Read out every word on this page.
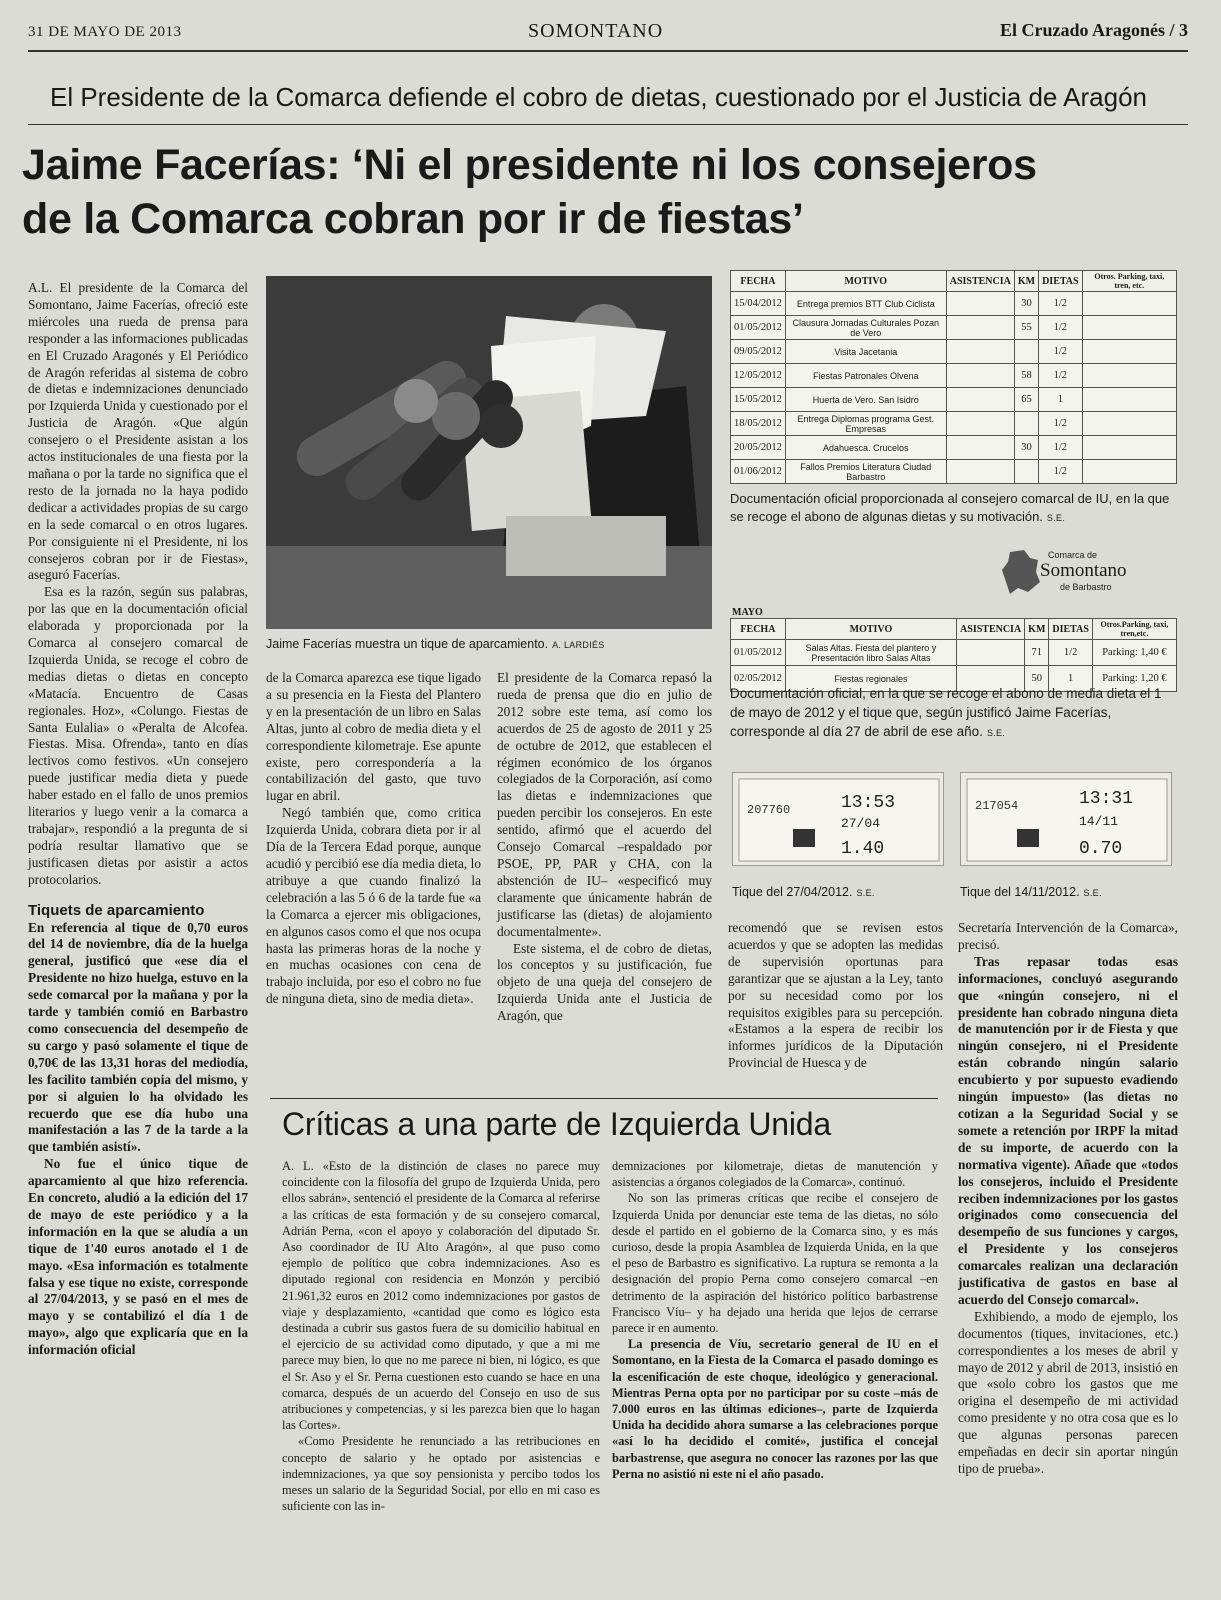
31 DE MAYO DE 2013	SOMONTANO	El Cruzado Aragonés / 3
El Presidente de la Comarca defiende el cobro de dietas, cuestionado por el Justicia de Aragón
Jaime Facerías: ‘Ni el presidente ni los consejeros
de la Comarca cobran por ir de fiestas’

A.L. El presidente de la Comarca del Somontano, Jaime Facerías, ofreció este miércoles una rueda de prensa para responder a las informaciones publicadas en El Cruzado Aragonés y El Periódico de Aragón referidas al sistema de cobro de dietas e indemnizaciones denunciado por Izquierda Unida y cuestionado por el Justicia de Aragón. «Que algún consejero o el Presidente asistan a los actos institucionales de una fiesta por la mañana o por la tarde no significa que el resto de la jornada no la haya podido dedicar a actividades propias de su cargo en la sede comarcal o en otros lugares. Por consiguiente ni el Presidente, ni los consejeros cobran por ir de Fiestas», aseguró Facerías.

Esa es la razón, según sus palabras, por las que en la documentación oficial elaborada y proporcionada por la Comarca al consejero comarcal de Izquierda Unida, se recoge el cobro de medias dietas o dietas en concepto «Matacía. Encuentro de Casas regionales. Hoz», «Colungo. Fiestas de Santa Eulalia» o «Peralta de Alcofea. Fiestas. Misa. Ofrenda», tanto en días lectivos como festivos. «Un consejero puede justificar media dieta y puede haber estado en el fallo de unos premios literarios y luego venir a la comarca a trabajar», respondió a la pregunta de si podría resultar llamativo que se justificasen dietas por asistir a actos protocolarios.

Tiquets de aparcamiento

En referencia al tique de 0,70 euros del 14 de noviembre, día de la huelga general, justificó que «ese día el Presidente no hizo huelga, estuvo en la sede comarcal por la mañana y por la tarde y también comió en Barbastro como consecuencia del desempeño de su cargo y pasó solamente el tique de 0,70€ de las 13,31 horas del mediodía, les facilito también copia del mismo, y por si alguien lo ha olvidado les recuerdo que ese día hubo una manifestación a las 7 de la tarde a la que también asistí».

No fue el único tique de aparcamiento al que hizo referencia. En concreto, aludió a la edición del 17 de mayo de este periódico y a la información en la que se aludía a un tique de 1'40 euros anotado el 1 de mayo. «Esa información es totalmente falsa y ese tique no existe, corresponde al 27/04/2013, y se pasó en el mes de mayo y se contabilizó el día 1 de mayo», algo que explicaría que en la información oficial

Jaime Facerías muestra un tique de aparcamiento. A. LARDIÉS

de la Comarca aparezca ese tique ligado a su presencia en la Fiesta del Plantero y en la presentación de un libro en Salas Altas, junto al cobro de media dieta y el correspondiente kilometraje. Ese apunte existe, pero correspondería a la contabilización del gasto, que tuvo lugar en abril.

Negó también que, como critica Izquierda Unida, cobrara dieta por ir al Día de la Tercera Edad porque, aunque acudió y percibió ese día media dieta, lo atribuye a que cuando finalizó la celebración a las 5 ó 6 de la tarde fue «a la Comarca a ejercer mis obligaciones, en algunos casos como el que nos ocupa hasta las primeras horas de la noche y en muchas ocasiones con cena de trabajo incluida, por eso el cobro no fue de ninguna dieta, sino de media dieta».

El presidente de la Comarca repasó la rueda de prensa que dio en julio de 2012 sobre este tema, así como los acuerdos de 25 de agosto de 2011 y 25 de octubre de 2012, que establecen el régimen económico de los órganos colegiados de la Corporación, así como las dietas e indemnizaciones que pueden percibir los consejeros. En este sentido, afirmó que el acuerdo del Consejo Comarcal –respaldado por PSOE, PP, PAR y CHA, con la abstención de IU– «especificó muy claramente que únicamente habrán de justificarse las (dietas) de alojamiento documentalmente».

Este sistema, el de cobro de dietas, los conceptos y su justificación, fue objeto de una queja del consejero de Izquierda Unida ante el Justicia de Aragón, que

FECHA	MOTIVO	ASISTENCIA	KM	DIETAS	Otros. Parking, taxi, tren, etc.
15/04/2012	Entrega premios BTT Club Ciclista		30	1/2	
01/05/2012	Clausura Jornadas Culturales Pozan de Vero		55	1/2	
09/05/2012	Visita Jacetania			1/2	
12/05/2012	Fiestas Patronales Olvena		58	1/2	
15/05/2012	Huerta de Vero. San Isidro		65	1	
18/05/2012	Entrega Diplomas programa Gest. Empresas			1/2	
20/05/2012	Adahuesca. Crucelos		30	1/2	
01/06/2012	Fallos Premios Literatura Ciudad Barbastro			1/2	
Documentación oficial proporcionada al consejero comarcal de IU, en la que se recoge el abono de algunas dietas y su motivación. S.E.
Comarca de
Somontano
de Barbastro
MAYO
FECHA	MOTIVO	ASISTENCIA	KM	DIETAS	Otros.Parking, taxi, tren,etc.
01/05/2012	Salas Altas. Fiesta del plantero y Presentación libro Salas Altas		71	1/2	Parking: 1,40 €
02/05/2012	Fiestas regionales		50	1	Parking: 1,20 €
Documentación oficial, en la que se recoge el abono de media dieta el 1 de mayo de 2012 y el tique que, según justificó Jaime Facerías, corresponde al día 27 de abril de ese año. S.E.
207760	13:53
27/04
1.40
Tique del 27/04/2012. S.E.
217054	13:31
14/11
0.70
Tique del 14/11/2012. S.E.

recomendó que se revisen estos acuerdos y que se adopten las medidas de supervisión oportunas para garantizar que se ajustan a la Ley, tanto por su necesidad como por los requisitos exigibles para su percepción. «Estamos a la espera de recibir los informes jurídicos de la Diputación Provincial de Huesca y de

Secretaría Intervención de la Comarca», precisó.

Tras repasar todas esas informaciones, concluyó asegurando que «ningún consejero, ni el presidente han cobrado ninguna dieta de manutención por ir de Fiesta y que ningún consejero, ni el Presidente están cobrando ningún salario encubierto y por supuesto evadiendo ningún impuesto» (las dietas no cotizan a la Seguridad Social y se somete a retención por IRPF la mitad de su importe, de acuerdo con la normativa vigente). Añade que «todos los consejeros, incluido el Presidente reciben indemnizaciones por los gastos originados como consecuencia del desempeño de sus funciones y cargos, el Presidente y los consejeros comarcales realizan una declaración justificativa de gastos en base al acuerdo del Consejo comarcal».

Exhibiendo, a modo de ejemplo, los documentos (tiques, invitaciones, etc.) correspondientes a los meses de abril y mayo de 2012 y abril de 2013, insistió en que «solo cobro los gastos que me origina el desempeño de mi actividad como presidente y no otra cosa que es lo que algunas personas parecen empeñadas en decir sin aportar ningún tipo de prueba».

Críticas a una parte de Izquierda Unida

A. L. «Esto de la distinción de clases no parece muy coincidente con la filosofía del grupo de Izquierda Unida, pero ellos sabrán», sentenció el presidente de la Comarca al referirse a las críticas de esta formación y de su consejero comarcal, Adrián Perna, «con el apoyo y colaboración del diputado Sr. Aso coordinador de IU Alto Aragón», al que puso como ejemplo de político que cobra indemnizaciones. Aso es diputado regional con residencia en Monzón y percibió 21.961,32 euros en 2012 como indemnizaciones por gastos de viaje y desplazamiento, «cantidad que como es lógico esta destinada a cubrir sus gastos fuera de su domicilio habitual en el ejercicio de su actividad como diputado, y que a mi me parece muy bien, lo que no me parece ni bien, ni lógico, es que el Sr. Aso y el Sr. Perna cuestionen esto cuando se hace en una comarca, después de un acuerdo del Consejo en uso de sus atribuciones y competencias, y si les parezca bien que lo hagan las Cortes».

«Como Presidente he renunciado a las retribuciones en concepto de salario y he optado por asistencias e indemnizaciones, ya que soy pensionista y percibo todos los meses un salario de la Seguridad Social, por ello en mi caso es suficiente con las in-

demnizaciones por kilometraje, dietas de manutención y asistencias a órganos colegiados de la Comarca», continuó.

No son las primeras críticas que recibe el consejero de Izquierda Unida por denunciar este tema de las dietas, no sólo desde el partido en el gobierno de la Comarca sino, y es más curioso, desde la propia Asamblea de Izquierda Unida, en la que el peso de Barbastro es significativo. La ruptura se remonta a la designación del propio Perna como consejero comarcal –en detrimento de la aspiración del histórico político barbastrense Francisco Víu– y ha dejado una herida que lejos de cerrarse parece ir en aumento.

La presencia de Víu, secretario general de IU en el Somontano, en la Fiesta de la Comarca el pasado domingo es la escenificación de este choque, ideológico y generacional. Mientras Perna opta por no participar por su coste –más de 7.000 euros en las últimas ediciones–, parte de Izquierda Unida ha decidido ahora sumarse a las celebraciones porque «así lo ha decidido el comité», justifica el concejal barbastrense, que asegura no conocer las razones por las que Perna no asistió ni este ni el año pasado.
